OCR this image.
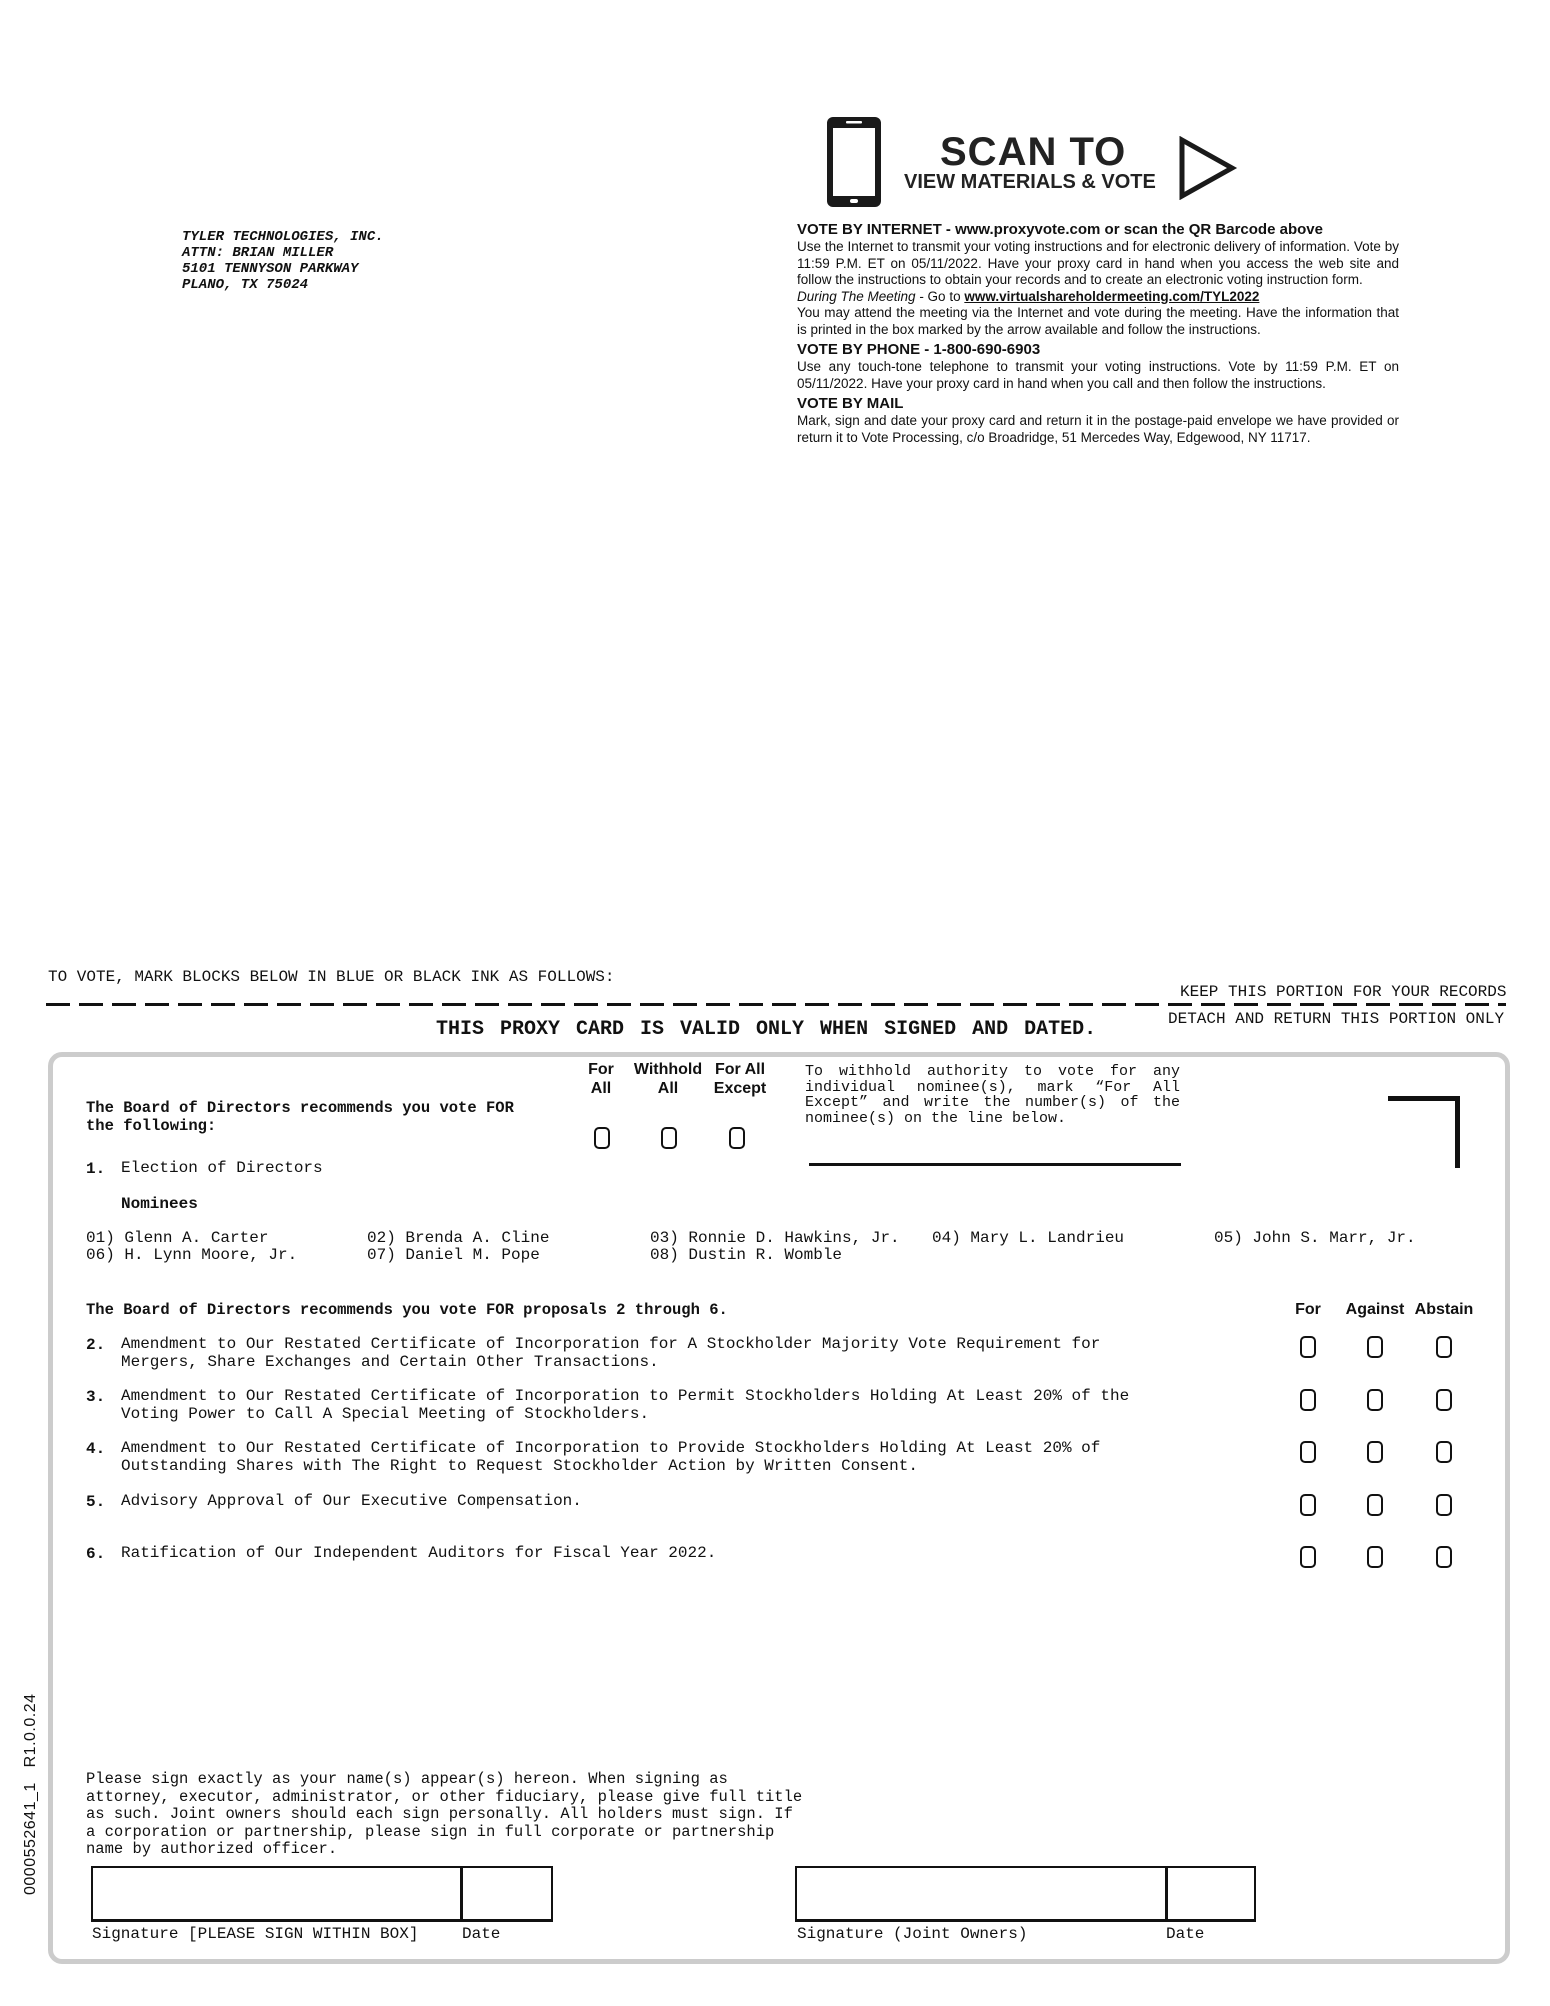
TYLER TECHNOLOGIES, INC.
ATTN: BRIAN MILLER
5101 TENNYSON PARKWAY
PLANO, TX 75024
SCAN TO
VIEW MATERIALS & VOTE

VOTE BY INTERNET - www.proxyvote.com or scan the QR Barcode above

Use the Internet to transmit your voting instructions and for electronic delivery of information. Vote by 11:59 P.M. ET on 05/11/2022. Have your proxy card in hand when you access the web site and follow the instructions to obtain your records and to create an electronic voting instruction form.

During The Meeting - Go to www.virtualshareholdermeeting.com/TYL2022

You may attend the meeting via the Internet and vote during the meeting. Have the information that is printed in the box marked by the arrow available and follow the instructions.

VOTE BY PHONE - 1-800-690-6903

Use any touch-tone telephone to transmit your voting instructions. Vote by 11:59 P.M. ET on 05/11/2022. Have your proxy card in hand when you call and then follow the instructions.

VOTE BY MAIL

Mark, sign and date your proxy card and return it in the postage-paid envelope we have provided or return it to Vote Processing, c/o Broadridge, 51 Mercedes Way, Edgewood, NY 11717.

TO VOTE, MARK BLOCKS BELOW IN BLUE OR BLACK INK AS FOLLOWS:
KEEP THIS PORTION FOR YOUR RECORDS
DETACH AND RETURN THIS PORTION ONLY
THIS PROXY CARD IS VALID ONLY WHEN SIGNED AND DATED.
The Board of Directors recommends you vote FOR
the following:
For
All
Withhold
All
For All
Except
To withhold authority to vote for any individual nominee(s), mark “For All Except” and write the number(s) of the nominee(s) on the line below.
1. Election of Directors
Nominees
01) Glenn A. Carter	02) Brenda A. Cline	03) Ronnie D. Hawkins, Jr. 04) Mary L. Landrieu	05) John S. Marr, Jr.
06) H. Lynn Moore, Jr.	07) Daniel M. Pope	08) Dustin R. Womble
The Board of Directors recommends you vote FOR proposals 2 through 6.	For	Against Abstain
2. Amendment to Our Restated Certificate of Incorporation for A Stockholder Majority Vote Requirement for
Mergers, Share Exchanges and Certain Other Transactions.
3. Amendment to Our Restated Certificate of Incorporation to Permit Stockholders Holding At Least 20% of the
Voting Power to Call A Special Meeting of Stockholders.
4. Amendment to Our Restated Certificate of Incorporation to Provide Stockholders Holding At Least 20% of
Outstanding Shares with The Right to Request Stockholder Action by Written Consent.
5. Advisory Approval of Our Executive Compensation.
6. Ratification of Our Independent Auditors for Fiscal Year 2022.
Please sign exactly as your name(s) appear(s) hereon. When signing as attorney, executor, administrator, or other fiduciary, please give full title as such. Joint owners should each sign personally. All holders must sign. If a corporation or partnership, please sign in full corporate or partnership name by authorized officer.
Signature [PLEASE SIGN WITHIN BOX]	Date	Signature (Joint Owners)	Date
0000552641_1   R1.0.0.24
